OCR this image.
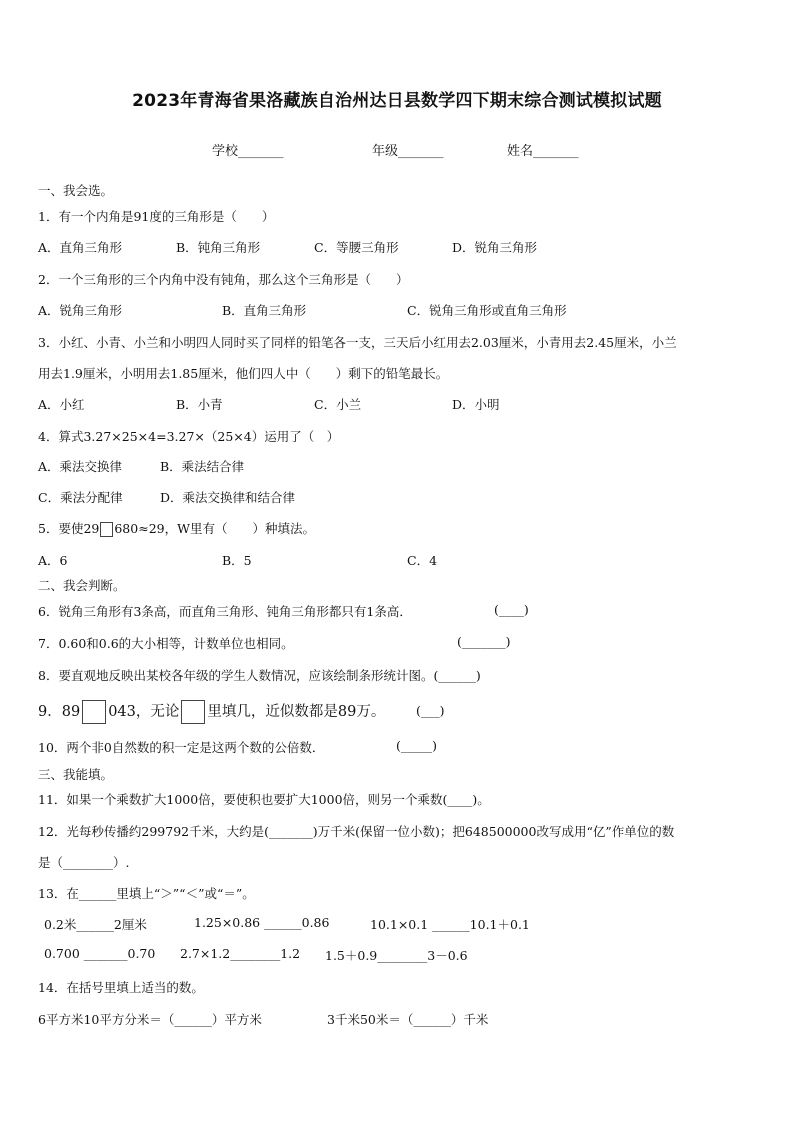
2023年青海省果洛藏族自治州达日县数学四下期末综合测试模拟试题
学校_______	年级_______	姓名_______
一、我会选。
1．有一个内角是91度的三角形是（　　）
A．直角三角形	B．钝角三角形	C．等腰三角形	D．锐角三角形
2．一个三角形的三个内角中没有钝角，那么这个三角形是（　　）
A．锐角三角形	B．直角三角形	C．锐角三角形或直角三角形
3．小红、小青、小兰和小明四人同时买了同样的铅笔各一支，三天后小红用去2.03厘米，小青用去2.45厘米，小兰
用去1.9厘米，小明用去1.85厘米，他们四人中（　　）剩下的铅笔最长。
A．小红	B．小青	C．小兰	D．小明
4．算式3.27×25×4=3.27×（25×4）运用了（　）
A．乘法交换律	B．乘法结合律
C．乘法分配律	D．乘法交换律和结合律
5．要使29 680≈29，W里有（　　）种填法。
A．6	B．5	C．4
二、我会判断。
6．锐角三角形有3条高，而直角三角形、钝角三角形都只有1条高．	(____)
7．0.60和0.6的大小相等，计数单位也相同。	(_______)
8．要直观地反映出某校各年级的学生人数情况，应该绘制条形统计图。(______)
9．89 043，无论 里填几，近似数都是89万。 (___)
10．两个非0自然数的积一定是这两个数的公倍数．	(_____)
三、我能填。
11．如果一个乘数扩大1000倍，要使积也要扩大1000倍，则另一个乘数(____)。
12．光每秒传播约299792千米，大约是(_______)万千米(保留一位小数)；把648500000改写成用“亿”作单位的数
是（________）.
13．在______里填上“＞”“＜”或“＝”。
0.2米______2厘米	1.25×0.86 ______0.86	10.1×0.1 ______10.1＋0.1
0.700 _______0.70 2.7×1.2________1.2 1.5＋0.9________3－0.6
14．在括号里填上适当的数。
6平方米10平方分米＝（______）平方米	3千米50米＝（______）千米
